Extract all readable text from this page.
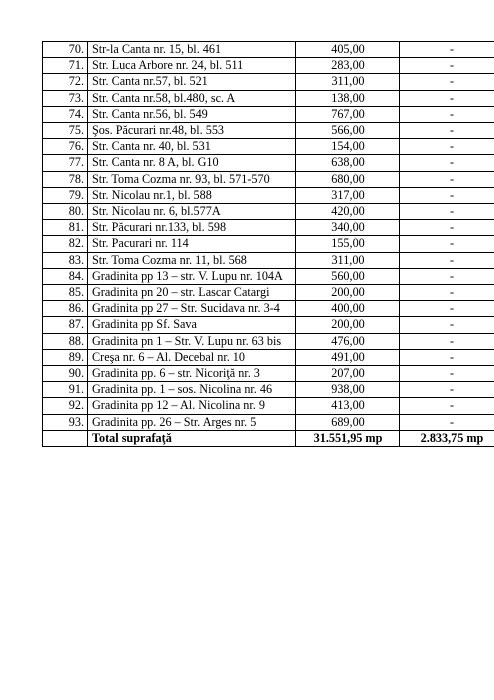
70.	Str-la Canta nr. 15, bl. 461	405,00	-
71.	Str. Luca Arbore nr. 24, bl. 511	283,00	-
72.	Str. Canta nr.57, bl. 521	311,00	-
73.	Str. Canta nr.58, bl.480, sc. A	138,00	-
74.	Str. Canta nr.56, bl. 549	767,00	-
75.	Şos. Păcurari nr.48, bl. 553	566,00	-
76.	Str. Canta nr. 40, bl. 531	154,00	-
77.	Str. Canta nr. 8 A, bl. G10	638,00	-
78.	Str. Toma Cozma nr. 93, bl. 571-570	680,00	-
79.	Str. Nicolau nr.1, bl. 588	317,00	-
80.	Str. Nicolau nr. 6, bl.577A	420,00	-
81.	Str. Păcurari nr.133, bl. 598	340,00	-
82.	Str. Pacurari nr. 114	155,00	-
83.	Str. Toma Cozma nr. 11, bl. 568	311,00	-
84.	Gradinita pp 13 – str. V. Lupu nr. 104A	560,00	-
85.	Gradinita pn 20 – str. Lascar Catargi	200,00	-
86.	Gradinita pp 27 – Str. Sucidava nr. 3-4	400,00	-
87.	Gradinita pp Sf. Sava	200,00	-
88.	Gradinita pn 1 – Str. V. Lupu nr. 63 bis	476,00	-
89.	Creşa nr. 6 – Al. Decebal nr. 10	491,00	-
90.	Gradinita pp. 6 – str. Nicoriţă nr. 3	207,00	-
91.	Gradinita pp. 1 – sos. Nicolina nr. 46	938,00	-
92.	Gradinita pp 12 – Al. Nicolina nr. 9	413,00	-
93.	Gradinita pp. 26 – Str. Arges nr. 5	689,00	-
	Total suprafaţă	31.551,95 mp	2.833,75 mp
